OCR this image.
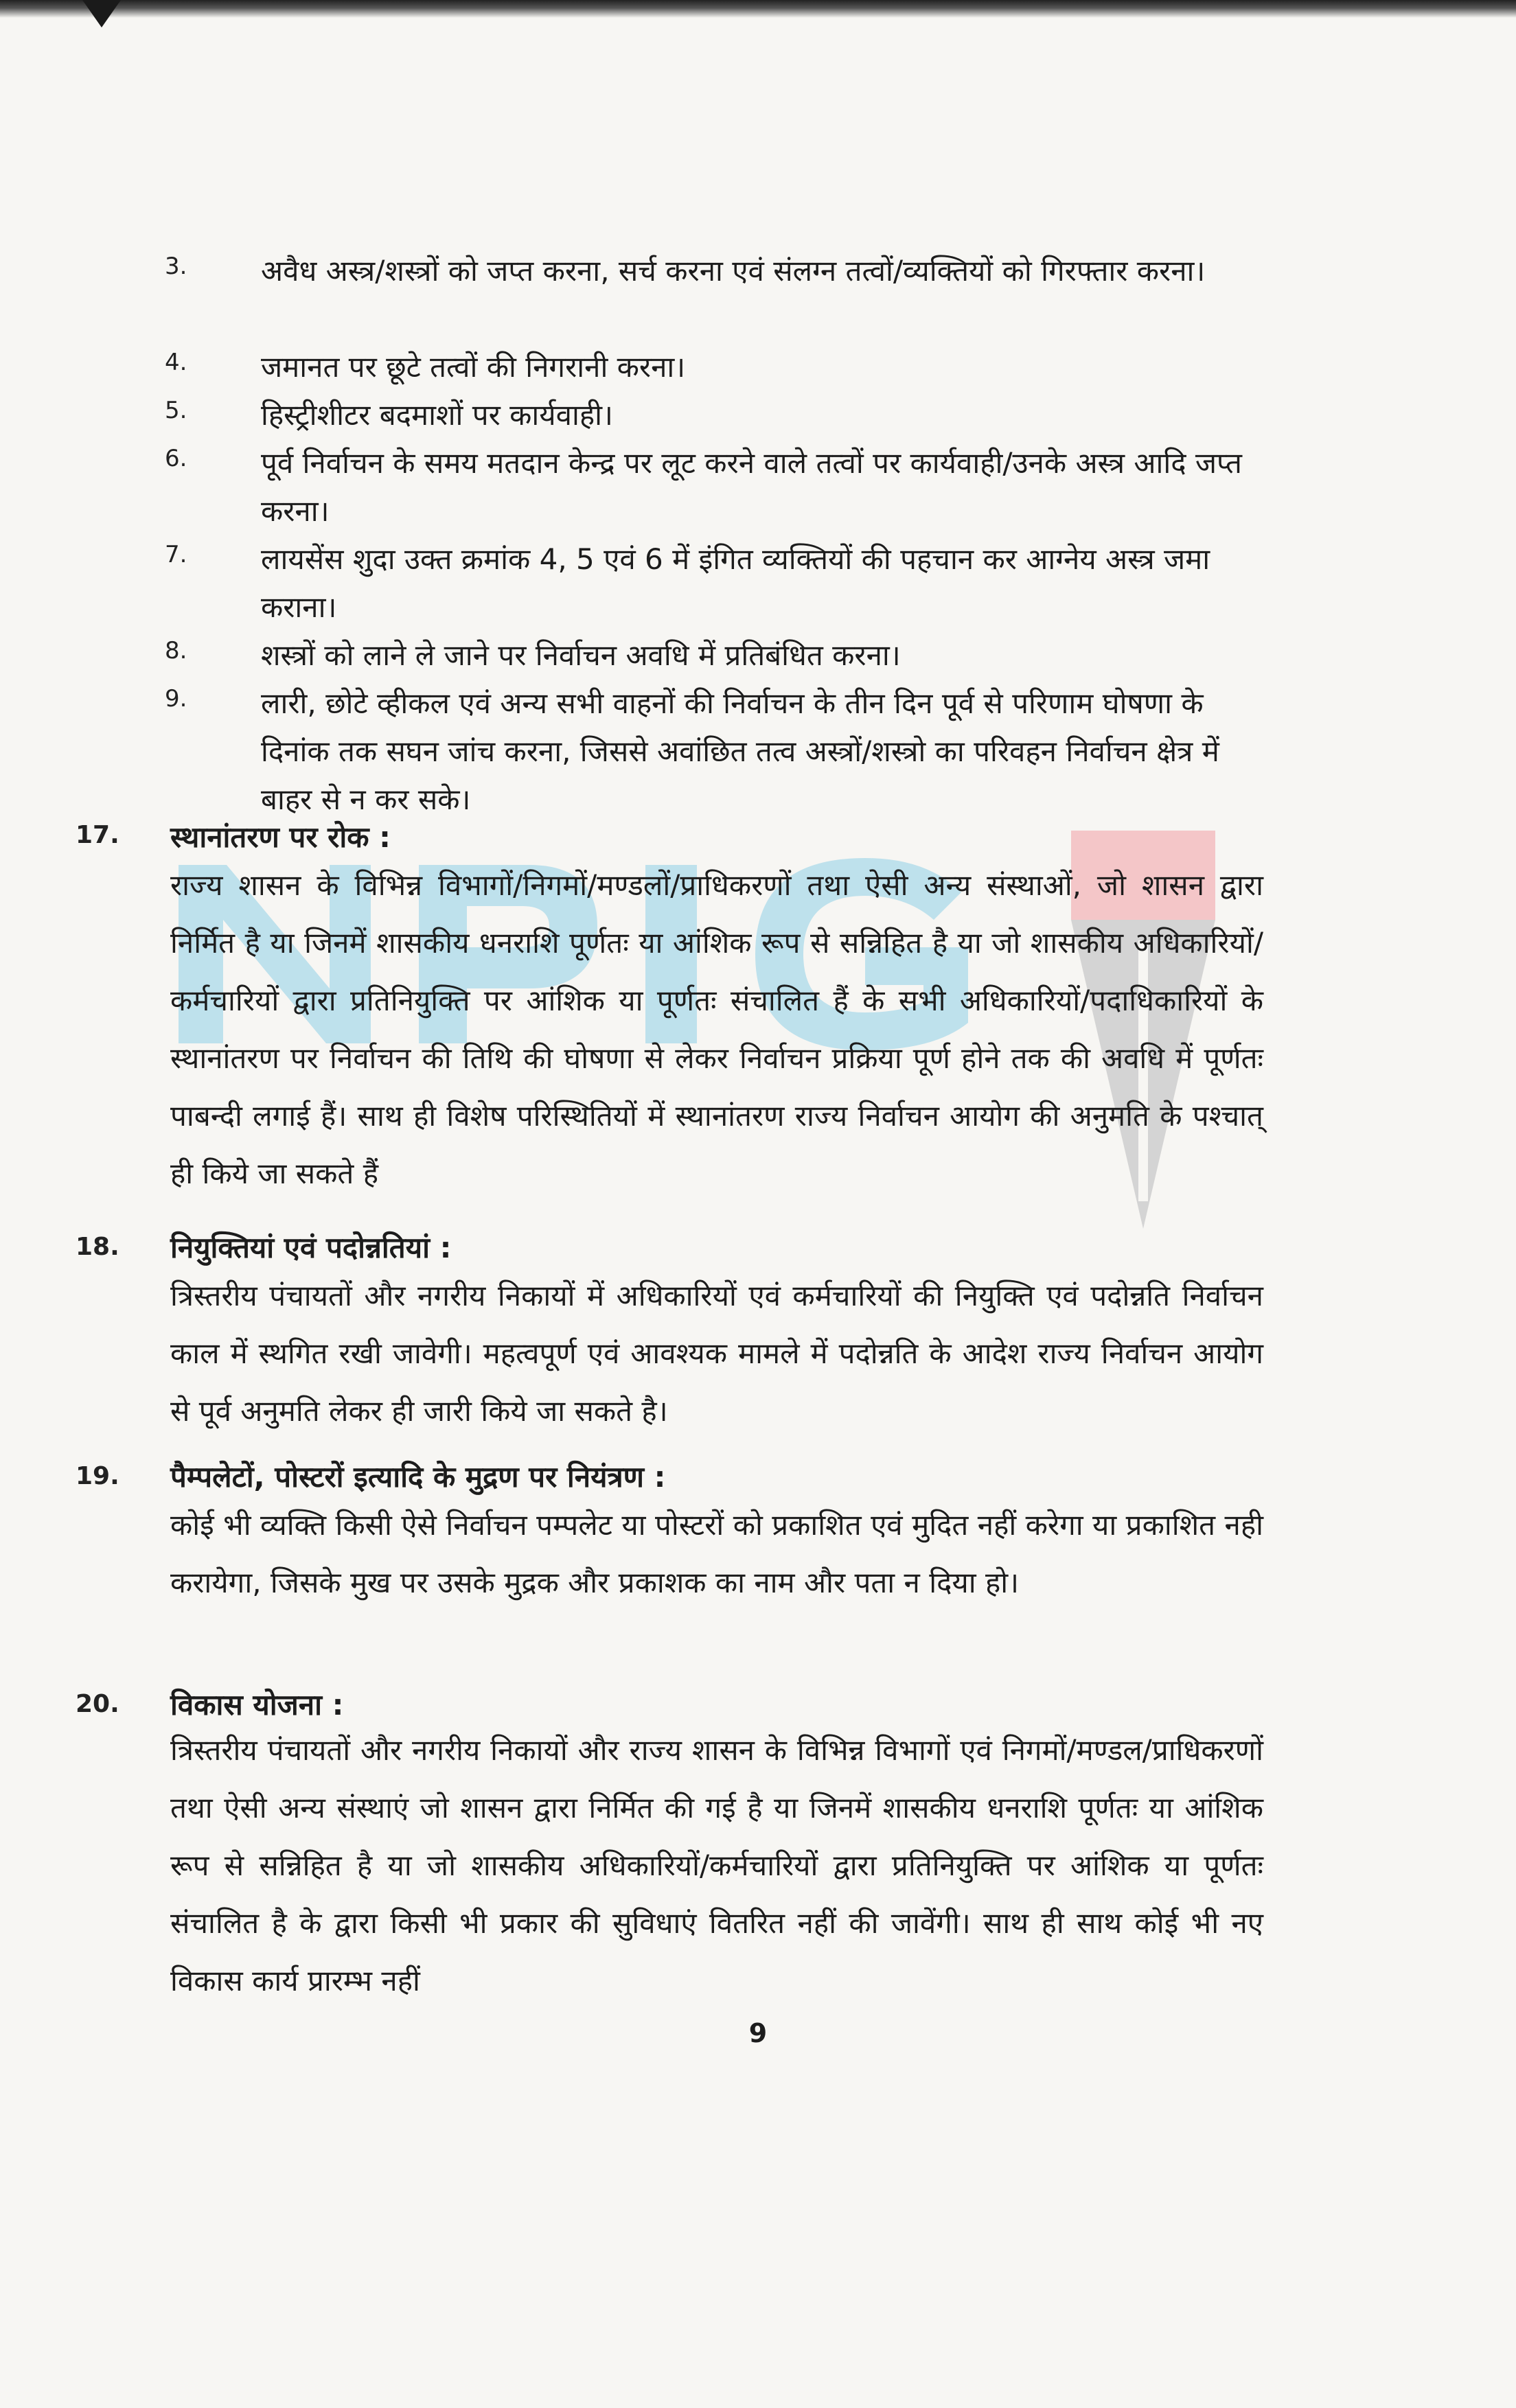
3.	अवैध अस्त्र/शस्त्रों को जप्त करना, सर्च करना एवं संलग्न तत्वों/व्यक्तियों को गिरफ्तार करना।
4.	जमानत पर छूटे तत्वों की निगरानी करना।
5.	हिस्ट्रीशीटर बदमाशों पर कार्यवाही।
6.	पूर्व निर्वाचन के समय मतदान केन्द्र पर लूट करने वाले तत्वों पर कार्यवाही/उनके अस्त्र आदि जप्त करना।
7.	लायसेंस शुदा उक्त क्रमांक 4, 5 एवं 6 में इंगित व्यक्तियों की पहचान कर आग्नेय अस्त्र जमा कराना।
8.	शस्त्रों को लाने ले जाने पर निर्वाचन अवधि में प्रतिबंधित करना।
9.	लारी, छोटे व्हीकल एवं अन्य सभी वाहनों की निर्वाचन के तीन दिन पूर्व से परिणाम घोषणा के दिनांक तक सघन जांच करना, जिससे अवांछित तत्व अस्त्रों/शस्त्रो का परिवहन निर्वाचन क्षेत्र में बाहर से न कर सके।
17. स्थानांतरण पर रोक :
राज्य शासन के विभिन्न विभागों/निगमों/मण्डलों/प्राधिकरणों तथा ऐसी अन्य संस्थाओं, जो शासन द्वारा निर्मित है या जिनमें शासकीय धनराशि पूर्णतः या आंशिक रूप से सन्निहित है या जो शासकीय अधिकारियों/कर्मचारियों द्वारा प्रतिनियुक्ति पर आंशिक या पूर्णतः संचालित हैं के सभी अधिकारियों/पदाधिकारियों के स्थानांतरण पर निर्वाचन की तिथि की घोषणा से लेकर निर्वाचन प्रक्रिया पूर्ण होने तक की अवधि में पूर्णतः पाबन्दी लगाई हैं। साथ ही विशेष परिस्थितियों में स्थानांतरण राज्य निर्वाचन आयोग की अनुमति के पश्चात् ही किये जा सकते हैं
18. नियुक्तियां एवं पदोन्नतियां :
त्रिस्तरीय पंचायतों और नगरीय निकायों में अधिकारियों एवं कर्मचारियों की नियुक्ति एवं पदोन्नति निर्वाचन काल में स्थगित रखी जावेगी। महत्वपूर्ण एवं आवश्यक मामले में पदोन्नति के आदेश राज्य निर्वाचन आयोग से पूर्व अनुमति लेकर ही जारी किये जा सकते है।
19. पैम्पलेटों, पोस्टरों इत्यादि के मुद्रण पर नियंत्रण :
कोई भी व्यक्ति किसी ऐसे निर्वाचन पम्पलेट या पोस्टरों को प्रकाशित एवं मुदित नहीं करेगा या प्रकाशित नही करायेगा, जिसके मुख पर उसके मुद्रक और प्रकाशक का नाम और पता न दिया हो।
20. विकास योजना :
त्रिस्तरीय पंचायतों और नगरीय निकायों और राज्य शासन के विभिन्न विभागों एवं निगमों/मण्डल/प्राधिकरणों तथा ऐसी अन्य संस्थाएं जो शासन द्वारा निर्मित की गई है या जिनमें शासकीय धनराशि पूर्णतः या आंशिक रूप से सन्निहित है या जो शासकीय अधिकारियों/कर्मचारियों द्वारा प्रतिनियुक्ति पर आंशिक या पूर्णतः संचालित है के द्वारा किसी भी प्रकार की सुविधाएं वितरित नहीं की जावेंगी। साथ ही साथ कोई भी नए विकास कार्य प्रारम्भ नहीं
9
